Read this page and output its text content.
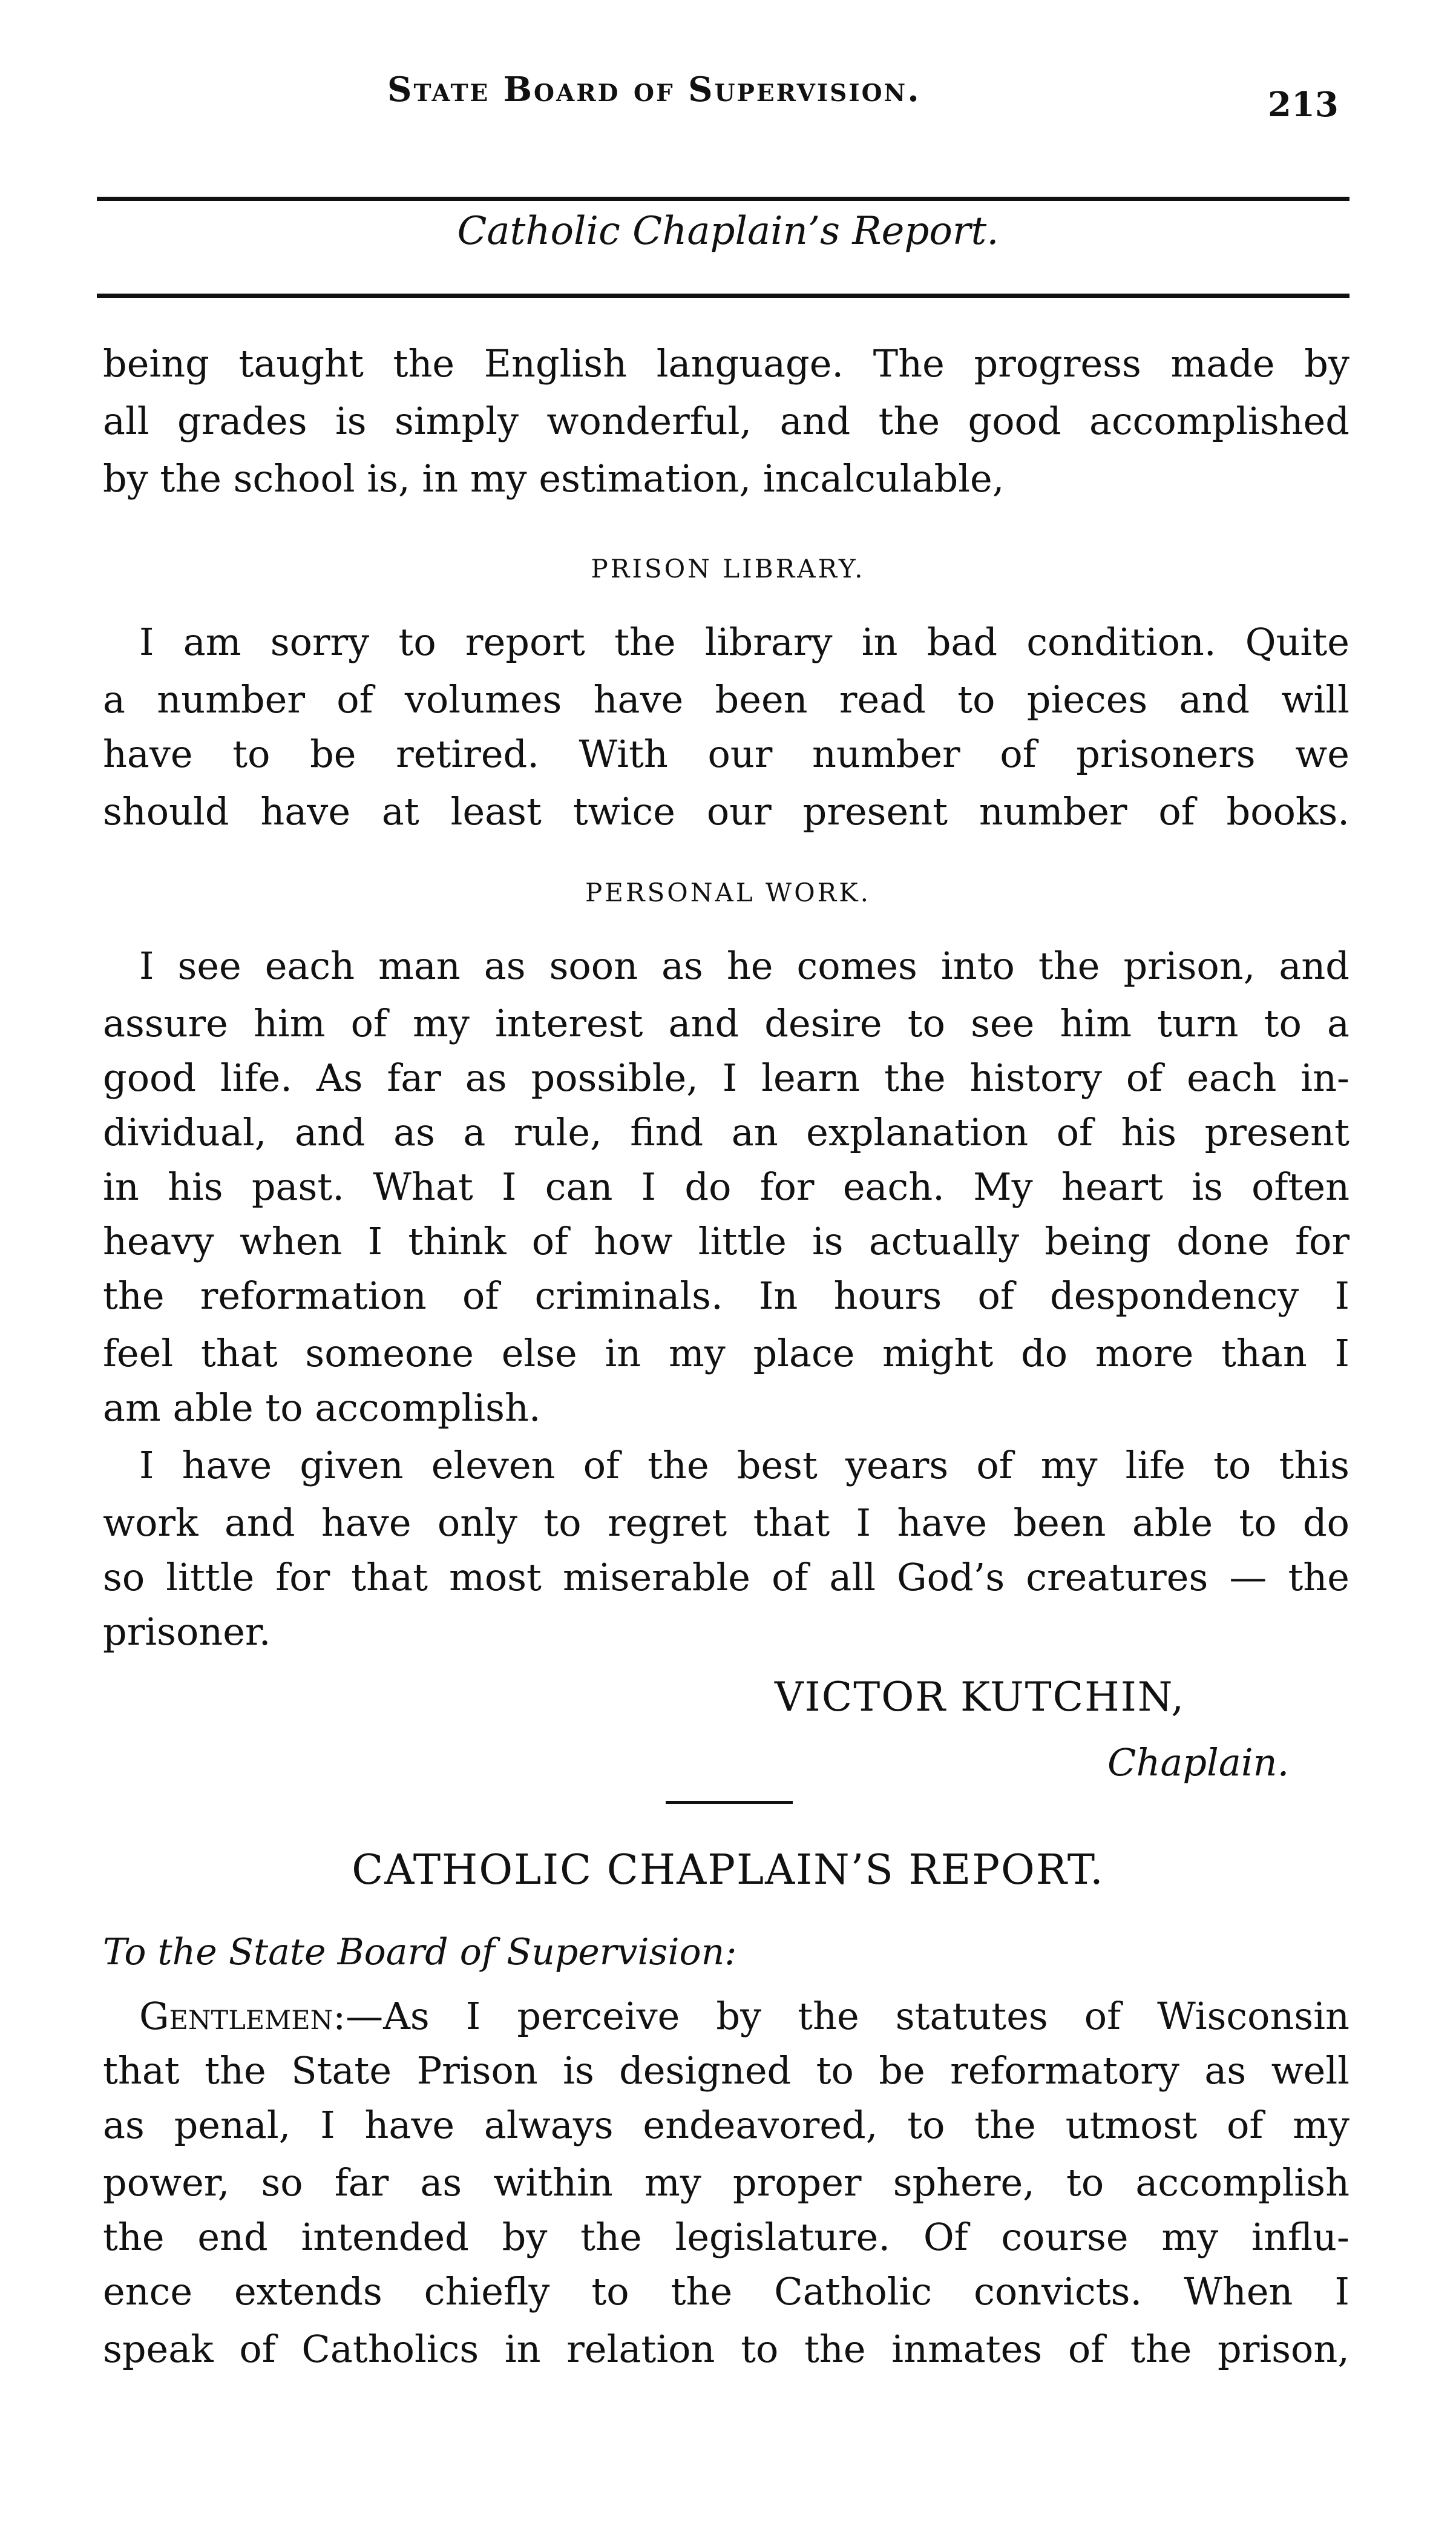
State Board of Supervision.	213
Catholic Chaplain’s Report.
being taught the English language. The progress made by
all grades is simply wonderful, and the good accomplished
by the school is, in my estimation, incalculable,
PRISON LIBRARY.
I am sorry to report the library in bad condition. Quite
a number of volumes have been read to pieces and will
have to be retired. With our number of prisoners we
should have at least twice our present number of books.
PERSONAL WORK.
I see each man as soon as he comes into the prison, and
assure him of my interest and desire to see him turn to a
good life. As far as possible, I learn the history of each in-
dividual, and as a rule, find an explanation of his present
in his past. What I can I do for each. My heart is often
heavy when I think of how little is actually being done for
the reformation of criminals. In hours of despondency I
feel that someone else in my place might do more than I
am able to accomplish.
I have given eleven of the best years of my life to this
work and have only to regret that I have been able to do
so little for that most miserable of all God’s creatures — the
prisoner.
VICTOR KUTCHIN,
Chaplain.
CATHOLIC CHAPLAIN’S REPORT.
To the State Board of Supervision:
Gentlemen:—As I perceive by the statutes of Wisconsin
that the State Prison is designed to be reformatory as well
as penal, I have always endeavored, to the utmost of my
power, so far as within my proper sphere, to accomplish
the end intended by the legislature. Of course my influ-
ence extends chiefly to the Catholic convicts. When I
speak of Catholics in relation to the inmates of the prison,
